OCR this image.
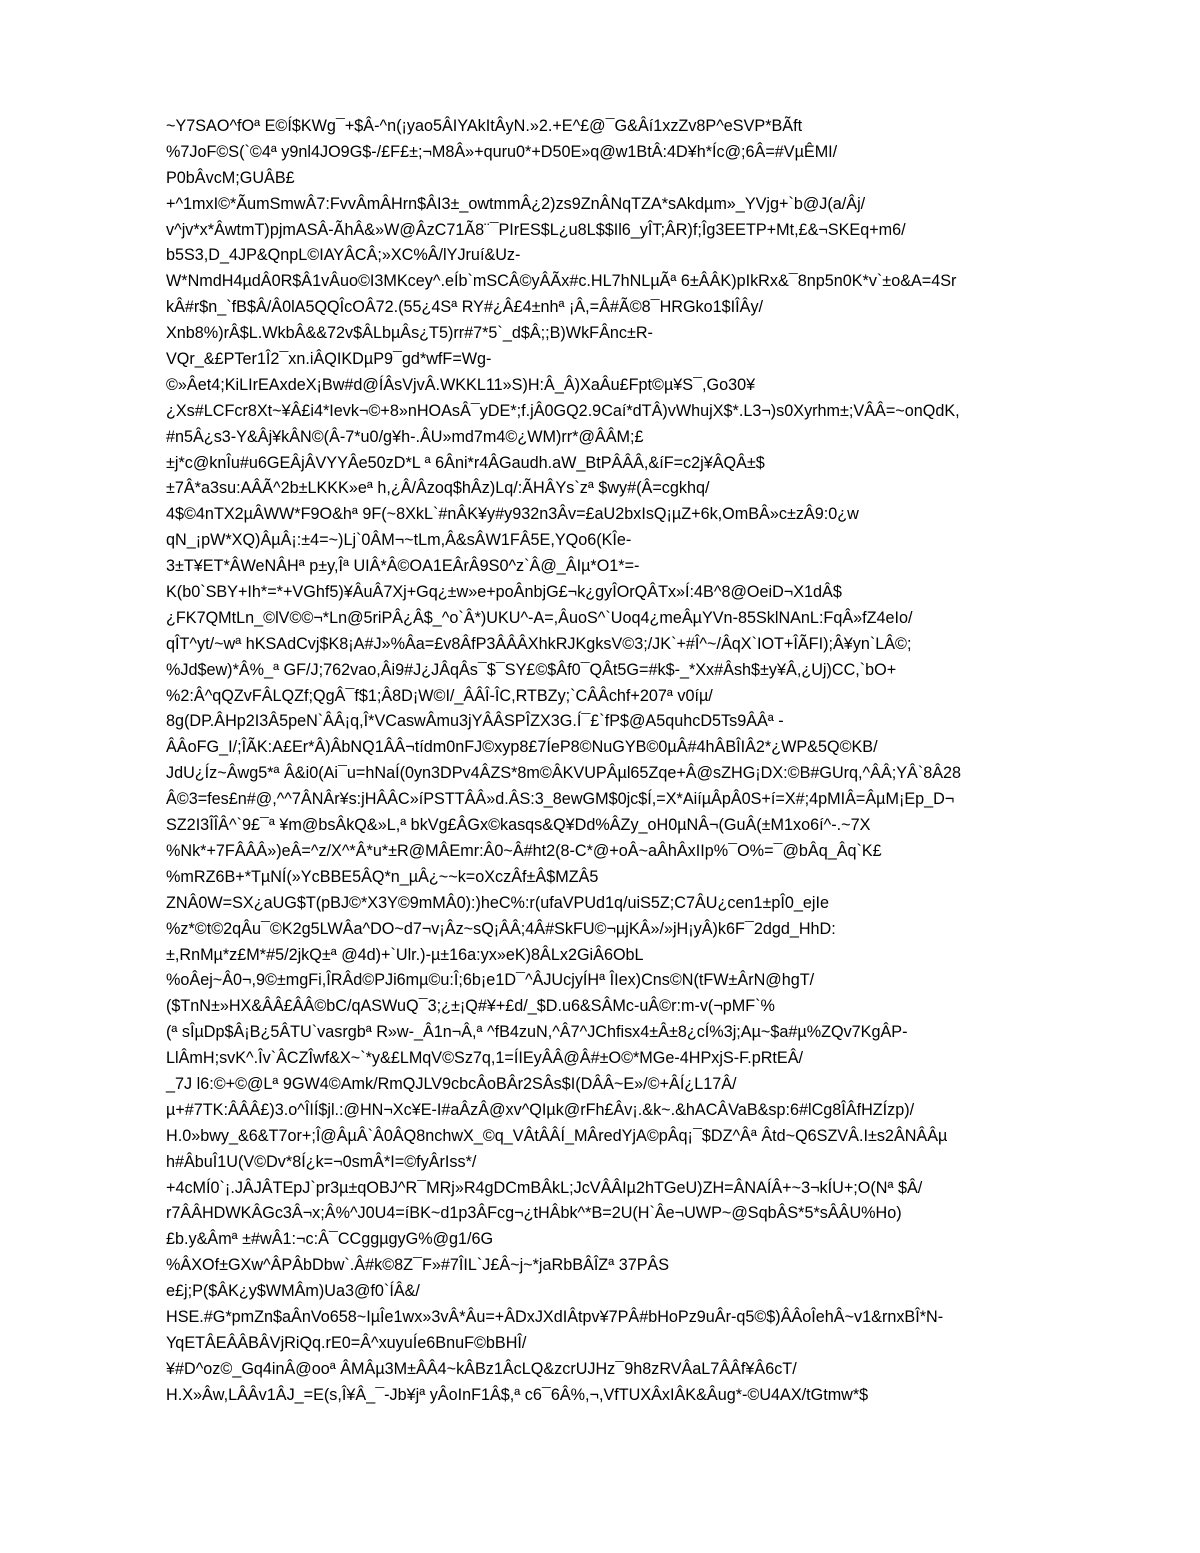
~Y7SAO^fOª E©Í$KWg¯+$Â-^n(¡yao5ÂIYAkItÂyN.»2.+E^£@¯G&Âí1xzZv8P^eSVP*BÃft
%7JoF©S(`©4ª y9nl4JO9G$-/£F£±;¬M8Â»+quru0*+D50E»q@w1BtÂ:4D¥h*Íc@;6Â=#VµÊMI/
P0bÂvcM;GUÂB£
+^1mxI©*ÃumSmwÂ7:FvvÂmÂHrn$ÂI3±_owtmmÂ¿2)zs9ZnÂNqTZA*sAkdµm»_YVjg+`b@J(a/Âj/
v^jv*x*ÂwtmT)pjmASÂ-ÃhÂ&»W@ÂzC71Ã8¨¯PIrES$L¿u8L$$Il6_yÎT;ÂR)f;Îg3EETP+Mt,£&¬SKEq+m6/
b5S3,D_4JP&QnpL©IAYÂCÂ;»XC%Â/lYJruí&Uz-
W*NmdH4µdÂ0R$Â1vÂuo©I3MKcey^.eÍb`mSCÂ©yÂÃx#c.HL7hNLµÃª 6±ÂÂK)pIkRx&¯8np5n0K*v`±o&A=4Sr
kÂ#r$n_`fB$Â/Â0lA5QQÎcOÂ72.(55¿4Sª RY#¿Â£4±nhª ¡Â,=Â#Ã©8¯HRGko1$IÎÂy/
Xnb8%)rÂ$L.WkbÂ&&72v$ÂLbµÂs¿T5)rr#7*5`_d$Â;;B)WkFÂnc±R-
VQr_&£PTer1Î2¯xn.iÂQIKDµP9¯gd*wfF=Wg-
©»Âet4;KiLIrEAxdeX¡Bw#d@ÍÂsVjvÂ.WKKL11»S)H:Â_Â)XaÂu£Fpt©µ¥S¯,Go30¥
¿Xs#LCFcr8Xt~¥Â£i4*Ievk¬©+8»nHOAsÂ¯yDE*;f.jÂ0GQ2.9Caí*dTÂ)vWhujX$*.L3¬)s0Xyrhm±;VÂÂ=~onQdK,
#n5Â¿s3-Y&Âj¥kÂN©(Â-7*u0/g¥h-.ÂU»md7m4©¿WM)rr*@ÂÂM;£
±j*c@knÎu#u6GEÂjÂVYYÂe50zD*L ª 6Âni*r4ÂGaudh.aW_BtPÂÂÂ,&íF=c2j¥ÂQÂ±$
±7Â*a3su:AÂÃ^2b±LKKK»eª h,¿Â/Âzoq$hÂz)Lq/:ÃHÂYs`zª $wy#(Â=cgkhq/
4$©4nTX2µÂWW*F9O&hª 9F(~8XkL`#nÂK¥y#y932n3Âv=£aU2bxIsQ¡µZ+6k,OmBÂ»c±zÂ9:0¿w
qN_¡pW*XQ)ÂµÂ¡:±4=~)Lj`0ÂM¬~tLm,Â&sÂW1FÂ5E,YQo6(KÎe-
3±T¥ET*ÂWeNÂHª p±y,Îª UIÂ*Â©OA1EÂrÂ9S0^z`Â@_ÂIµ*O1*=-
K(b0`SBY+Ih*=*+VGhf5)¥ÂuÂ7Xj+Gq¿±w»e+poÂnbjG£¬k¿gyÎOrQÂTx»Í:4B^8@OeiD¬X1dÂ$
¿FK7QMtLn_©lV©©¬*Ln@5riPÂ¿Â$_^o`Â*)UKU^-A=,ÂuoS^`Uoq4¿meÂµYVn-85SklNAnL:FqÂ»fZ4eIo/
qÎT^yt/~wª hKSAdCvj$K8¡A#J»%Âa=£v8ÂfP3ÂÂÂXhkRJKgksV©3;/JK`+#Î^~/ÂqX`IOT+ÎÃFI);Â¥yn`LÂ©;
%Jd$ew)*Â%_ª GF/J;762vao,Âi9#J¿JÂqÂs¯$¯SY£©$Âf0¯QÂt5G=#k$-_*Xx#Âsh$±y¥Â,¿Uj)CC,`bO+
%2:Â^qQZvFÂLQZf;QgÂ¯f$1;Â8D¡W©I/_ÂÂÎ-ÎC,RTBZy;`CÂÂchf+207ª v0íµ/
8g(DP.ÂHp2I3Â5peN`ÂÂ¡q,Î*VCaswÂmu3jYÂÂSPÎZX3G.Í¯£`fP$@A5quhcD5Ts9ÂÂª -
ÂÂoFG_I/;ÎÃK:A£Er*Â)ÂbNQ1ÂÂ¬tídm0nFJ©xyp8£7ÍeP8©NuGYB©0µÂ#4hÂBÎIÂ2*¿WP&5Q©KB/
JdU¿Íz~Âwg5*ª Â&i0(Ai¯u=hNaÍ(0yn3DPv4ÂZS*8m©ÂKVUPÂµl65Zqe+Â@sZHG¡DX:©B#GUrq,^ÂÂ;YÂ`8Â28
Â©3=fes£n#@,^^7ÂNÂr¥s:jHÂÂC»íPSTTÂÂ»d.ÂS:3_8ewGM$0jc$Í,=X*AiíµÂpÂ0S+í=X#;4pMIÂ=ÂµM¡Ep_D¬
SZ2I3ÎÎÂ^`9£¯ª ¥m@bsÂkQ&»L,ª bkVg£ÂGx©kasqs&Q¥Dd%ÂZy_oH0µNÂ¬(GuÂ(±M1xo6í^-.~7X
%Nk*+7FÂÂÂ»)eÂ=^z/X^*Â*u*±R@MÂEmr:Â0~Â#ht2(8-C*@+oÂ~aÂhÂxIIp%¯O%=¯@bÂq_Âq`K£
%mRZ6B+*TµNÍ(»YcBBE5ÂQ*n_µÂ¿~~k=oXczÂf±Â$MZÂ5
ZNÂ0W=SX¿aUG$T(pBJ©*X3Y©9mMÂ0):)heC%:r(ufaVPUd1q/uiS5Z;C7ÂU¿cen1±pÎ0_ejIe
%z*©t©2qÂu¯©K2g5LWÂa^DO~d7¬v¡Âz~sQ¡ÂÂ;4Â#SkFU©¬µjKÂ»/»jH¡yÂ)k6F¯2dgd_HhD:
±,RnMµ*z£M*#5/2jkQ±ª @4d)+`Ulr.)-µ±16a:yx»eK)8ÂLx2GiÂ6ObL
%oÂej~Â0¬,9©±mgFi,ÎRÂd©PJi6mµ©u:Î;6b¡e1D¯^ÂJUcjyÍHª ÎIex)Cns©N(tFW±ÂrN@hgT/
($TnN±»HX&ÂÂ£ÂÂ©bC/qASWuQ¯3;¿±¡Q#¥+£d/_$D.u6&SÂMc-uÂ©r:m-v(¬pMF`%
(ª sÎµDp$Â¡B¿5ÂTU`vasrgbª R»w-_Â1n¬Â,ª ^fB4zuN,^Â7^JChfisx4±Â±8¿cÍ%3j;Aµ~$a#µ%ZQv7KgÂP-
LlÂmH;svK^.Îv`ÂCZÎwf&X~`*y&£LMqV©Sz7q,1=ÍIEyÂÂ@Â#±O©*MGe-4HPxjS-F.pRtEÂ/
_7J l6:©+©@Lª 9GW4©Amk/RmQJLV9cbcÂoBÂr2SÂs$I(DÂÂ~E»/©+ÂÍ¿L17Â/
µ+#7TK:ÂÂÂ£)3.o^ÎIÍ$jl.:@HN¬Xc¥E-I#aÂzÂ@xv^QIµk@rFh£Âv¡.&k~.&hACÂVaB&sp:6#lCg8ÎÂfHZÍzp)/
H.0»bwy_&6&T7or+;Î@ÂµÂ`Â0ÂQ8nchwX_©q_VÂtÂÂÍ_MÂredYjA©pÂq¡¯$DZ^Âª Âtd~Q6SZVÂ.I±s2ÂNÂÂµ
h#ÂbuÎ1U(V©Dv*8Í¿k=¬0smÂ*I=©fyÂrIss*/
+4cMÍ0`¡.JÂJÂTEpJ`pr3µ±qOBJ^R¯MRj»R4gDCmBÂkL;JcVÂÂIµ2hTGeU)ZH=ÂNAÍÂ+~3¬kÍU+;O(Nª $Â/
r7ÂÂHDWKÂGc3Â¬x;Â%^J0U4=íBK~d1p3ÂFcg¬¿tHÂbk^*B=2U(H`Âe¬UWP~@SqbÂS*5*sÂÂU%Ho)
£b.y&Âmª ±#wÂ1:¬c:Â¯CCggµgyG%@g1/6G
%ÂXOf±GXw^ÂPÂbDbw`.Â#k©8Z¯F»#7ÎIL`J£Â~j~*jaRbBÂÎZª 37PÂS
e£j;P($ÂK¿y$WMÂm)Ua3@f0`ÍÂ&/
HSE.#G*pmZn$aÂnVo658~IµÎe1wx»3vÂ*Âu=+ÂDxJXdIÂtpv¥7PÂ#bHoPz9uÂr-q5©$)ÂÂoÎehÂ~v1&rnxBÎ*N-
YqETÂEÂÂBÂVjRiQq.rE0=Â^xuyuÍe6BnuF©bBHÎ/
¥#D^oz©_Gq4inÂ@ooª ÂMÂµ3M±ÂÂ4~kÂBz1ÂcLQ&zcrUJHz¯9h8zRVÂaL7ÂÂf¥Â6cT/
H.X»Âw,LÂÂv1ÂJ_=E(s,Î¥Â_¯-Jb¥jª yÂoInF1Â$,ª c6¯6Â%,¬,VfTUXÂxIÂK&Âug*-©U4AX/tGtmw*$
